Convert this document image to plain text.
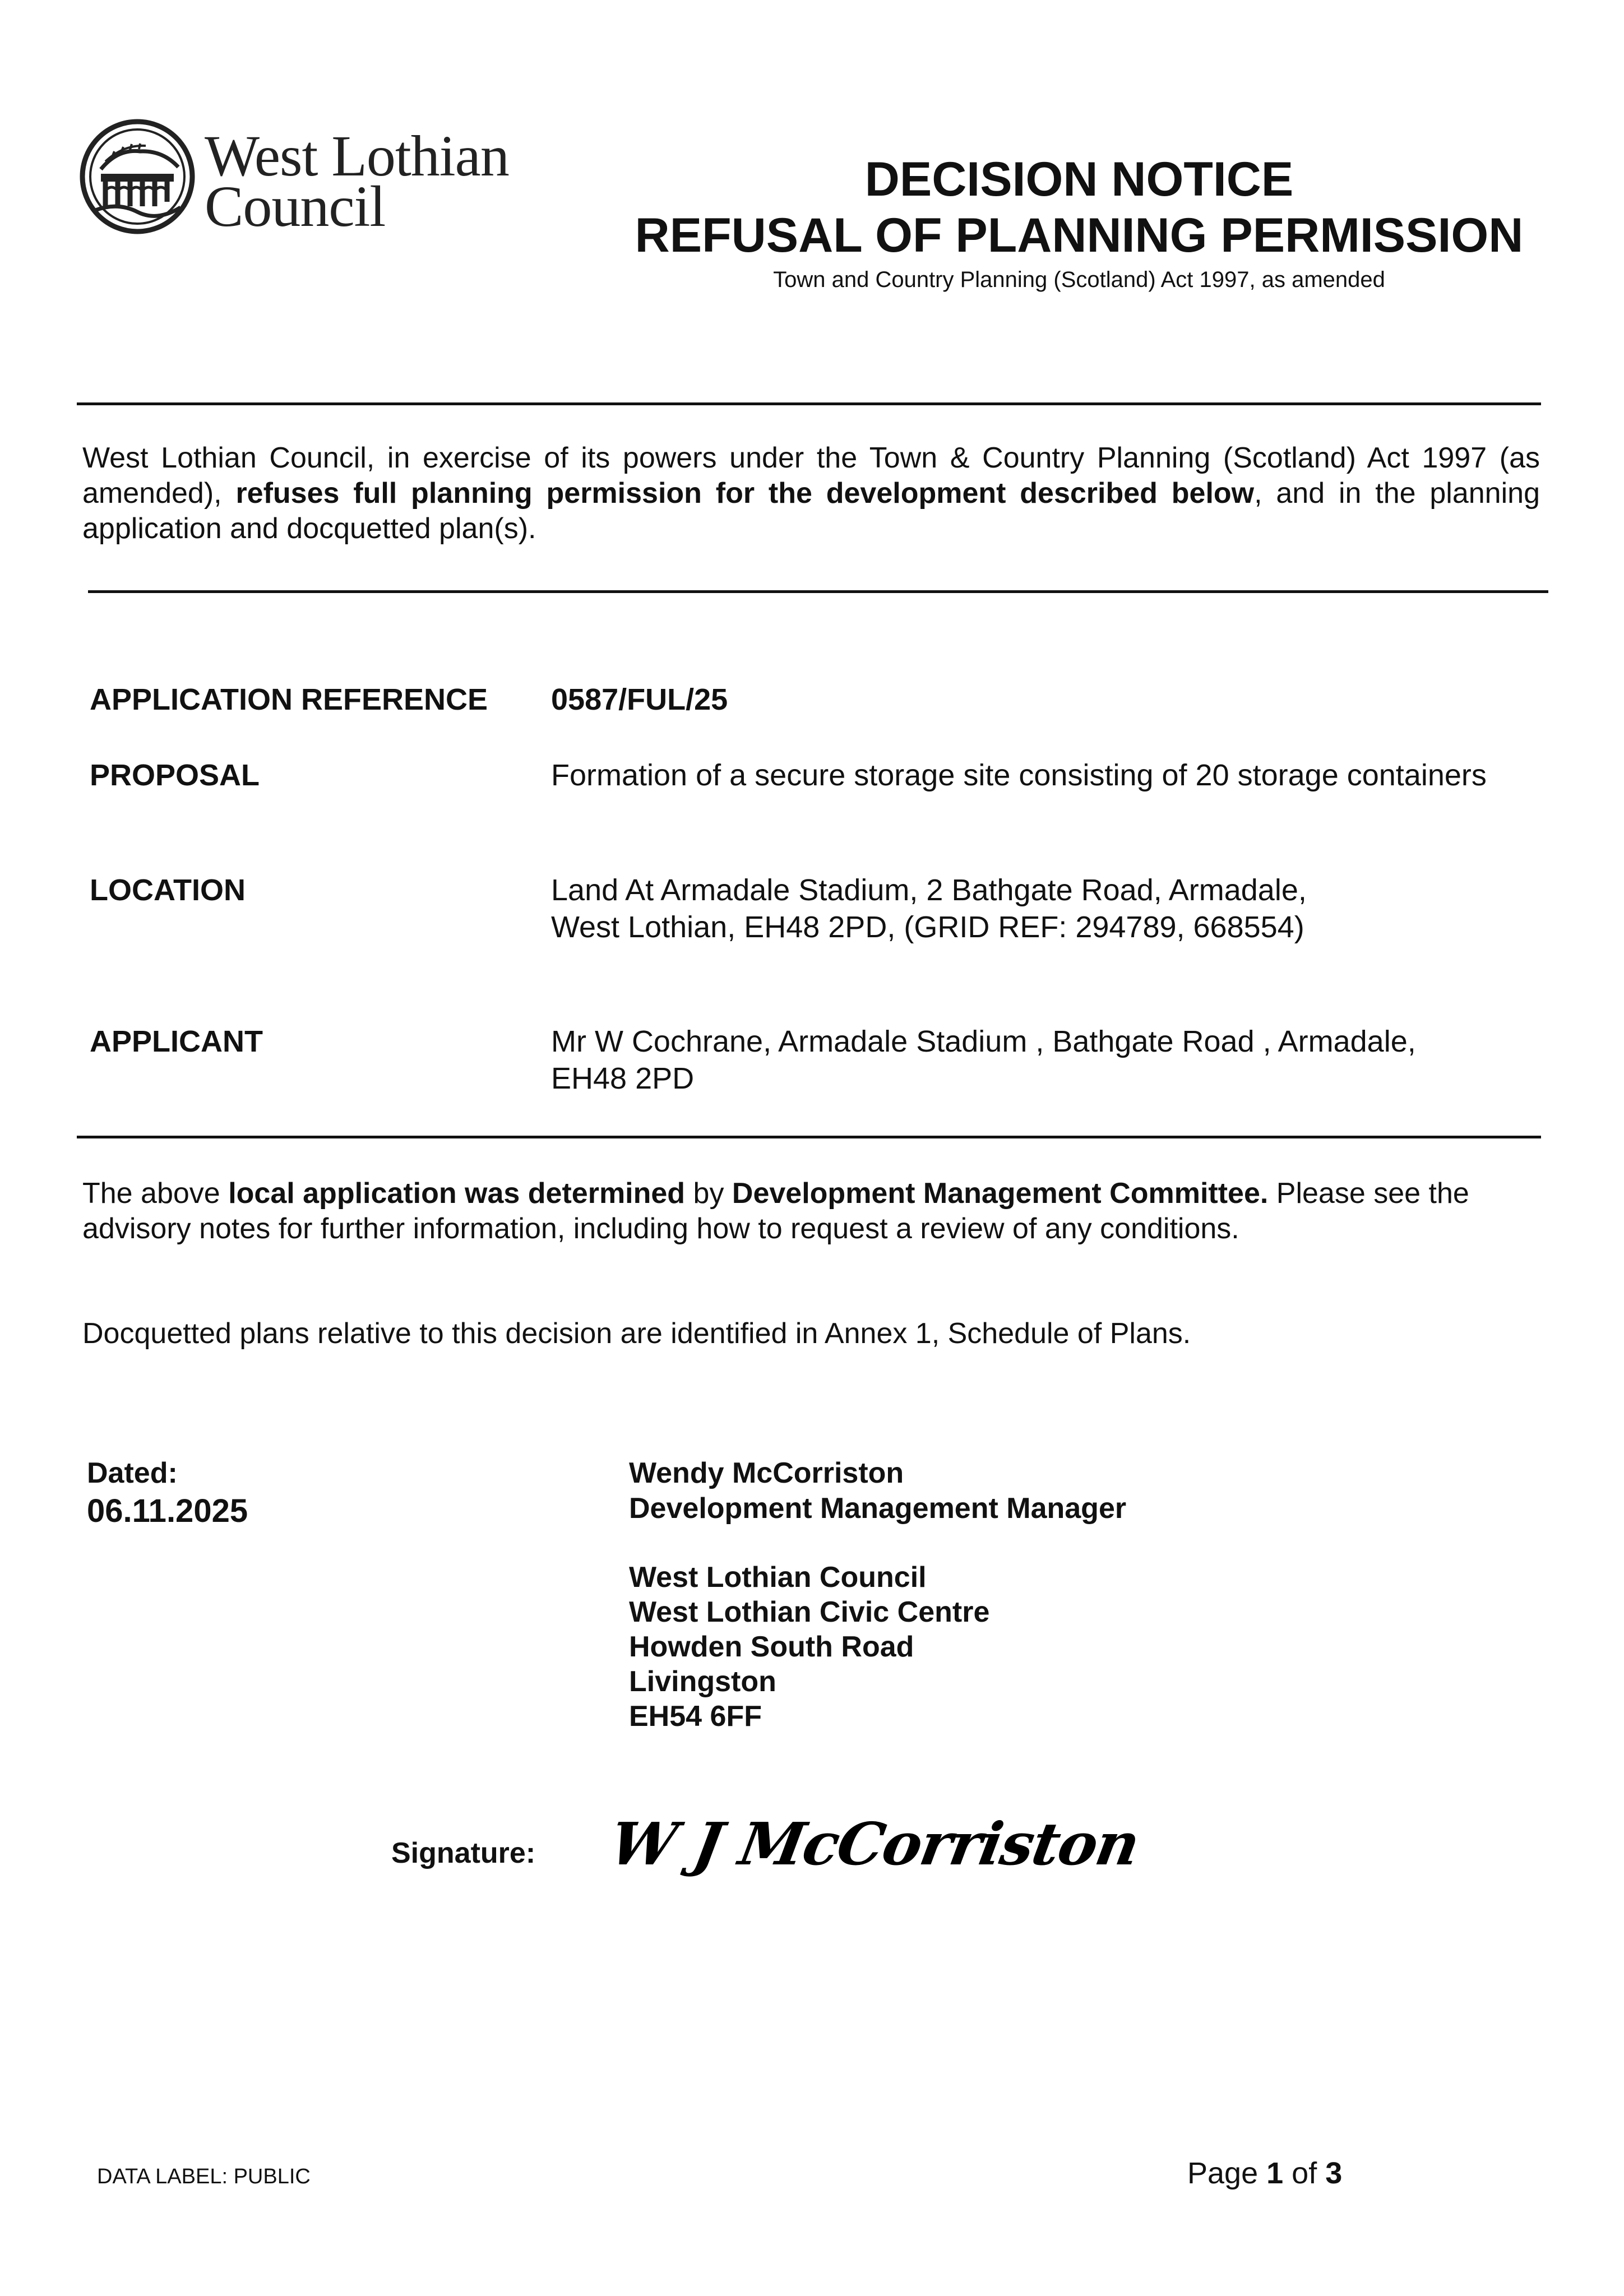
West Lothian
Council	DECISION NOTICE
REFUSAL OF PLANNING PERMISSION
Town and Country Planning (Scotland) Act 1997, as amended
West Lothian Council, in exercise of its powers under the Town & Country Planning (Scotland) Act 1997 (as amended), refuses full planning permission for the development described below, and in the planning application and docquetted plan(s).
APPLICATION REFERENCE 0587/FUL/25
PROPOSAL	Formation of a secure storage site consisting of 20 storage containers
LOCATION	Land At Armadale Stadium, 2 Bathgate Road, Armadale,
West Lothian, EH48 2PD, (GRID REF: 294789, 668554)
APPLICANT	Mr W Cochrane, Armadale Stadium , Bathgate Road , Armadale,
EH48 2PD
The above local application was determined by Development Management Committee. Please see the advisory notes for further information, including how to request a review of any conditions.
Docquetted plans relative to this decision are identified in Annex 1, Schedule of Plans.
Dated:
06.11.2025
Wendy McCorriston
Development Management Manager
West Lothian Council
West Lothian Civic Centre
Howden South Road
Livingston
EH54 6FF
Signature: W J McCorriston
DATA LABEL: PUBLIC	Page 1 of 3
